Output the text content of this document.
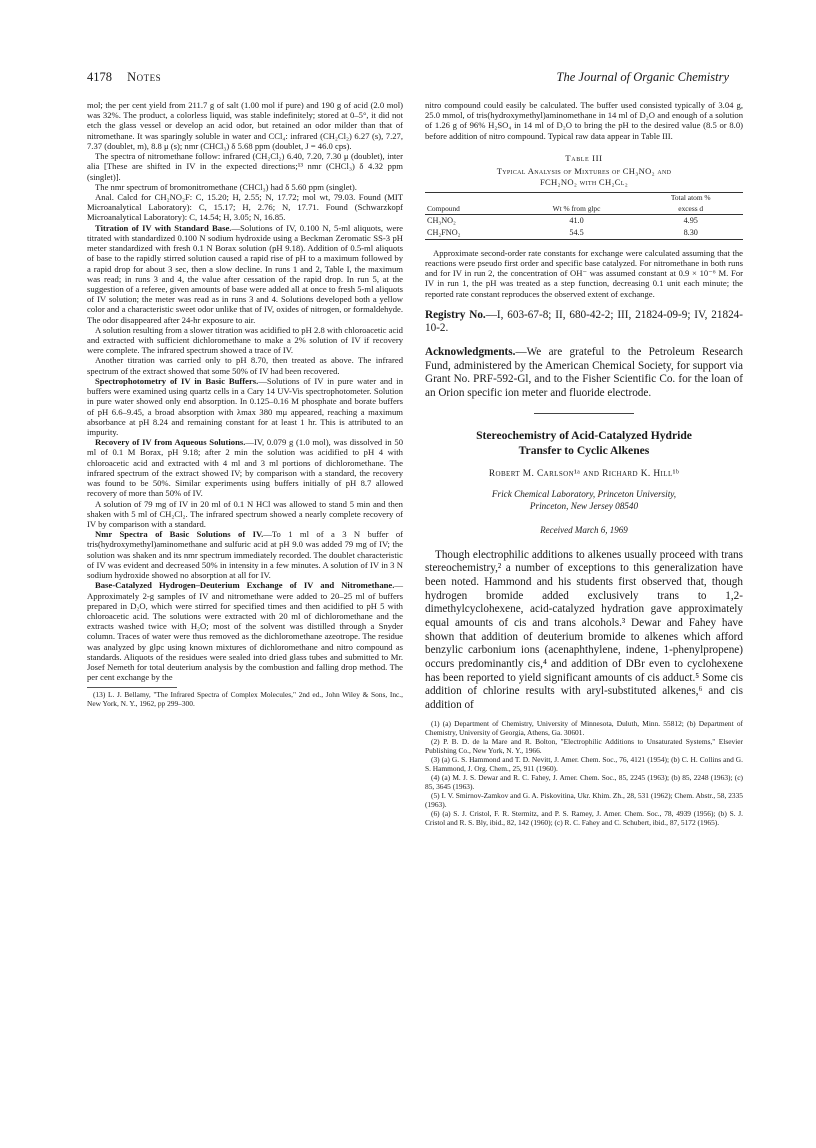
4178 Notes	The Journal of Organic Chemistry

mol; the per cent yield from 211.7 g of salt (1.00 mol if pure) and 190 g of acid (2.0 mol) was 32%. The product, a colorless liquid, was stable indefinitely; stored at 0–5°, it did not etch the glass vessel or develop an acid odor, but retained an odor milder than that of nitromethane. It was sparingly soluble in water and CCl₄: infrared (CH₂Cl₂) 6.27 (s), 7.27, 7.37 (doublet, m), 8.8 μ (s); nmr (CHCl₃) δ 5.68 ppm (doublet, J = 46.0 cps).

The spectra of nitromethane follow: infrared (CH₂Cl₂) 6.40, 7.20, 7.30 μ (doublet), inter alia [These are shifted in IV in the expected directions;¹³ nmr (CHCl₃) δ 4.32 ppm (singlet)].

The nmr spectrum of bromonitromethane (CHCl₃) had δ 5.60 ppm (singlet).

Anal. Calcd for CH₂NO₂F: C, 15.20; H, 2.55; N, 17.72; mol wt, 79.03. Found (MIT Microanalytical Laboratory): C, 15.17; H, 2.76; N, 17.71. Found (Schwarzkopf Microanalytical Laboratory): C, 14.54; H, 3.05; N, 16.85.

Titration of IV with Standard Base.—Solutions of IV, 0.100 N, 5-ml aliquots, were titrated with standardized 0.100 N sodium hydroxide using a Beckman Zeromatic SS-3 pH meter standardized with fresh 0.1 N Borax solution (pH 9.18). Addition of 0.5-ml aliquots of base to the rapidly stirred solution caused a rapid rise of pH to a maximum followed by a rapid drop for about 3 sec, then a slow decline. In runs 1 and 2, Table I, the maximum was read; in runs 3 and 4, the value after cessation of the rapid drop. In run 5, at the suggestion of a referee, given amounts of base were added all at once to fresh 5-ml aliquots of IV solution; the meter was read as in runs 3 and 4. Solutions developed both a yellow color and a characteristic sweet odor unlike that of IV, oxides of nitrogen, or formaldehyde. The odor disappeared after 24-hr exposure to air.

A solution resulting from a slower titration was acidified to pH 2.8 with chloroacetic acid and extracted with sufficient dichloromethane to make a 2% solution of IV if recovery were complete. The infrared spectrum showed a trace of IV.

Another titration was carried only to pH 8.70, then treated as above. The infrared spectrum of the extract showed that some 50% of IV had been recovered.

Spectrophotometry of IV in Basic Buffers.—Solutions of IV in pure water and in buffers were examined using quartz cells in a Cary 14 UV-Vis spectrophotometer. Solution in pure water showed only end absorption. In 0.125–0.16 M phosphate and borate buffers of pH 6.6–9.45, a broad absorption with λmax 380 mμ appeared, reaching a maximum absorbance at pH 8.24 and remaining constant for at least 1 hr. This is attributed to an impurity.

Recovery of IV from Aqueous Solutions.—IV, 0.079 g (1.0 mol), was dissolved in 50 ml of 0.1 M Borax, pH 9.18; after 2 min the solution was acidified to pH 4 with chloroacetic acid and extracted with 4 ml and 3 ml portions of dichloromethane. The infrared spectrum of the extract showed IV; by comparison with a standard, the recovery was found to be 50%. Similar experiments using buffers initially of pH 8.7 allowed recovery of more than 50% of IV.

A solution of 79 mg of IV in 20 ml of 0.1 N HCl was allowed to stand 5 min and then shaken with 5 ml of CH₂Cl₂. The infrared spectrum showed a nearly complete recovery of IV by comparison with a standard.

Nmr Spectra of Basic Solutions of IV.—To 1 ml of a 3 N buffer of tris(hydroxymethyl)aminomethane and sulfuric acid at pH 9.0 was added 79 mg of IV; the solution was shaken and its nmr spectrum immediately recorded. The doublet characteristic of IV was evident and decreased 50% in intensity in a few minutes. A solution of IV in 3 N sodium hydroxide showed no absorption at all for IV.

Base-Catalyzed Hydrogen–Deuterium Exchange of IV and Nitromethane.—Approximately 2-g samples of IV and nitromethane were added to 20–25 ml of buffers prepared in D₂O, which were stirred for specified times and then acidified to pH 5 with chloroacetic acid. The solutions were extracted with 20 ml of dichloromethane and the extracts washed twice with H₂O; most of the solvent was distilled through a Snyder column. Traces of water were thus removed as the dichloromethane azeotrope. The residue was analyzed by glpc using known mixtures of dichloromethane and nitro compound as standards. Aliquots of the residues were sealed into dried glass tubes and submitted to Mr. Josef Nemeth for total deuterium analysis by the combustion and falling drop method. The per cent exchange by the

(13) L. J. Bellamy, "The Infrared Spectra of Complex Molecules," 2nd ed., John Wiley & Sons, Inc., New York, N. Y., 1962, pp 299–300.

nitro compound could easily be calculated. The buffer used consisted typically of 3.04 g, 25.0 mmol, of tris(hydroxymethyl)aminomethane in 14 ml of D₂O and enough of a solution of 1.26 g of 96% H₂SO₄ in 14 ml of D₂O to bring the pH to the desired value (8.5 or 8.0) before addition of nitro compound. Typical raw data appear in Table III.

Table III
Typical Analysis of Mixtures of CH₃NO₂ and
FCH₂NO₂ with CH₂Cl₂
		Total atom %
Compound	Wt % from glpc	excess d
CH₃NO₂	41.0	4.95
CH₂FNO₂	54.5	8.30

Approximate second-order rate constants for exchange were calculated assuming that the reactions were pseudo first order and specific base catalyzed. For nitromethane in both runs and for IV in run 2, the concentration of OH⁻ was assumed constant at 0.9 × 10⁻⁶ M. For IV in run 1, the pH was treated as a step function, decreasing 0.1 unit each minute; the reported rate constant reproduces the observed extent of exchange.

Registry No.—I, 603-67-8; II, 680-42-2; III, 21824-09-9; IV, 21824-10-2.

Acknowledgments.—We are grateful to the Petroleum Research Fund, administered by the American Chemical Society, for support via Grant No. PRF-592-Gl, and to the Fisher Scientific Co. for the loan of an Orion specific ion meter and fluoride electrode.

Stereochemistry of Acid-Catalyzed Hydride
Transfer to Cyclic Alkenes
Robert M. Carlson¹ᵃ and Richard K. Hill¹ᵇ
Frick Chemical Laboratory, Princeton University,
Princeton, New Jersey 08540
Received March 6, 1969

Though electrophilic additions to alkenes usually proceed with trans stereochemistry,² a number of exceptions to this generalization have been noted. Hammond and his students first observed that, though hydrogen bromide added exclusively trans to 1,2-dimethylcyclohexene, acid-catalyzed hydration gave approximately equal amounts of cis and trans alcohols.³ Dewar and Fahey have shown that addition of deuterium bromide to alkenes which afford benzylic carbonium ions (acenaphthylene, indene, 1-phenylpropene) occurs predominantly cis,⁴ and addition of DBr even to cyclohexene has been reported to yield significant amounts of cis adduct.⁵ Some cis addition of chlorine results with aryl-substituted alkenes,⁶ and cis addition of

(1) (a) Department of Chemistry, University of Minnesota, Duluth, Minn. 55812; (b) Department of Chemistry, University of Georgia, Athens, Ga. 30601.

(2) P. B. D. de la Mare and R. Bolton, "Electrophilic Additions to Unsaturated Systems," Elsevier Publishing Co., New York, N. Y., 1966.

(3) (a) G. S. Hammond and T. D. Nevitt, J. Amer. Chem. Soc., 76, 4121 (1954); (b) C. H. Collins and G. S. Hammond, J. Org. Chem., 25, 911 (1960).

(4) (a) M. J. S. Dewar and R. C. Fahey, J. Amer. Chem. Soc., 85, 2245 (1963); (b) 85, 2248 (1963); (c) 85, 3645 (1963).

(5) I. V. Smirnov-Zamkov and G. A. Piskovitina, Ukr. Khim. Zh., 28, 531 (1962); Chem. Abstr., 58, 2335 (1963).

(6) (a) S. J. Cristol, F. R. Stermitz, and P. S. Ramey, J. Amer. Chem. Soc., 78, 4939 (1956); (b) S. J. Cristol and R. S. Bly, ibid., 82, 142 (1960); (c) R. C. Fahey and C. Schubert, ibid., 87, 5172 (1965).
